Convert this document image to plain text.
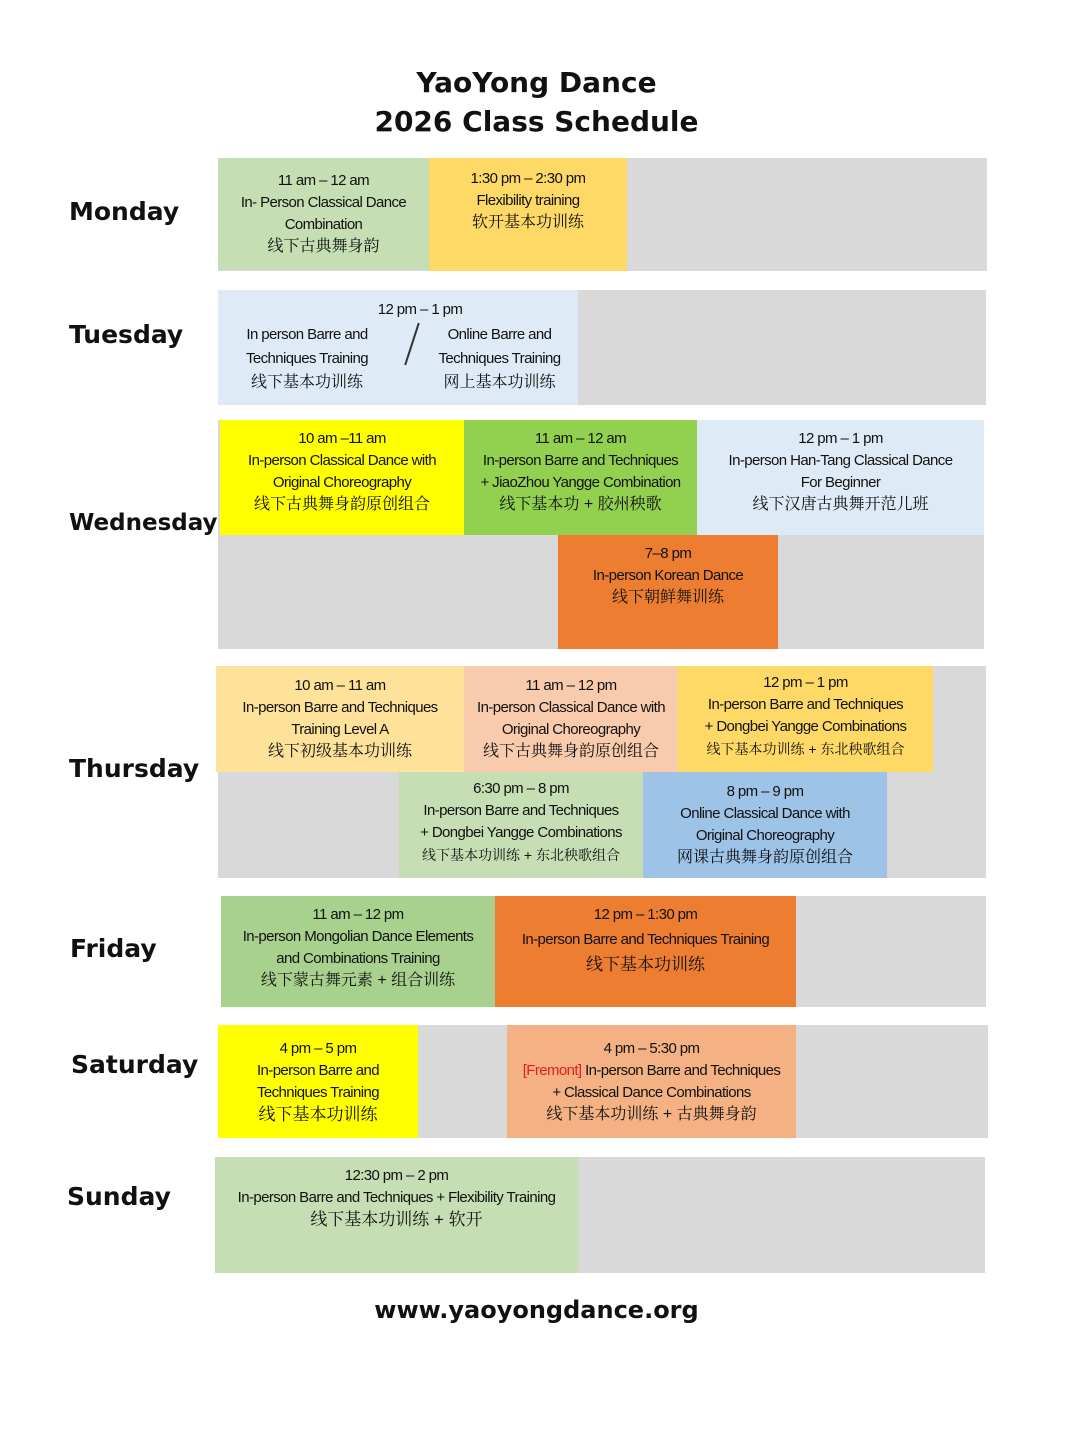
YaoYong Dance
2026 Class Schedule
Monday
11 am – 12 am
In- Person Classical Dance
Combination
线下古典舞身韵
1:30 pm – 2:30 pm
Flexibility training
软开基本功训练
Tuesday
12 pm – 1 pm
In person Barre and
Techniques Training
线下基本功训练
Online Barre and
Techniques Training
网上基本功训练
Wednesday
10 am –11 am
In-person Classical Dance with
Original Choreography
线下古典舞身韵原创组合
11 am – 12 am
In-person Barre and Techniques
+ JiaoZhou Yangge Combination
线下基本功 + 胶州秧歌
12 pm – 1 pm
In-person Han-Tang Classical Dance
For Beginner
线下汉唐古典舞开范儿班
7–8 pm
In-person Korean Dance
线下朝鲜舞训练
Thursday
10 am – 11 am
In-person Barre and Techniques
Training Level A
线下初级基本功训练
11 am – 12 pm
In-person Classical Dance with
Original Choreography
线下古典舞身韵原创组合
12 pm – 1 pm
In-person Barre and Techniques
+ Dongbei Yangge Combinations
线下基本功训练 + 东北秧歌组合
6:30 pm – 8 pm
In-person Barre and Techniques
+ Dongbei Yangge Combinations
线下基本功训练 + 东北秧歌组合
8 pm – 9 pm
Online Classical Dance with
Original Choreography
网课古典舞身韵原创组合
Friday
11 am – 12 pm
In-person Mongolian Dance Elements
and Combinations Training
线下蒙古舞元素 + 组合训练
12 pm – 1:30 pm
In-person Barre and Techniques Training
线下基本功训练
Saturday
4 pm – 5 pm
In-person Barre and
Techniques Training
线下基本功训练
4 pm – 5:30 pm
[Fremont] In-person Barre and Techniques
+ Classical Dance Combinations
线下基本功训练 + 古典舞身韵
Sunday
12:30 pm – 2 pm
In-person Barre and Techniques + Flexibility Training
线下基本功训练 + 软开
www.yaoyongdance.org
